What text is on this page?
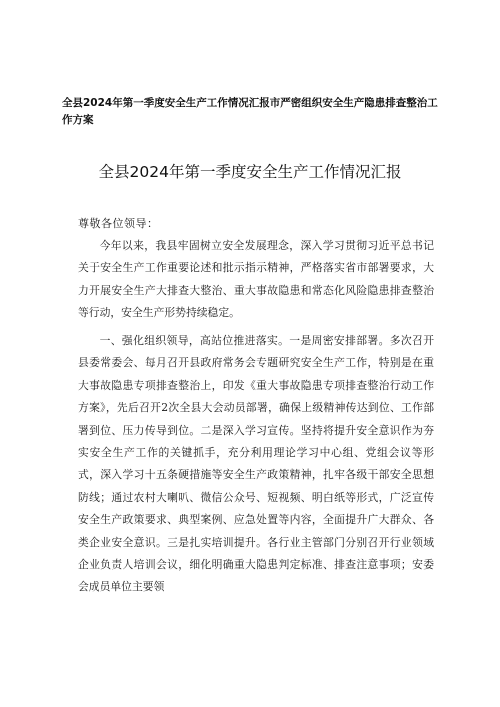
全县2024年第一季度安全生产工作情况汇报市严密组织安全生产隐患排查整治工作方案
全县2024年第一季度安全生产工作情况汇报
尊敬各位领导：

今年以来，我县牢固树立安全发展理念，深入学习贯彻习近平总书记关于安全生产工作重要论述和批示指示精神，严格落实省市部署要求，大力开展安全生产大排查大整治、重大事故隐患和常态化风险隐患排查整治等行动，安全生产形势持续稳定。

一、强化组织领导，高站位推进落实。一是周密安排部署。多次召开县委常委会、每月召开县政府常务会专题研究安全生产工作，特别是在重大事故隐患专项排查整治上，印发《重大事故隐患专项排查整治行动工作方案》，先后召开2次全县大会动员部署，确保上级精神传达到位、工作部署到位、压力传导到位。二是深入学习宣传。坚持将提升安全意识作为夯实安全生产工作的关键抓手，充分利用理论学习中心组、党组会议等形式，深入学习十五条硬措施等安全生产政策精神，扎牢各级干部安全思想防线；通过农村大喇叭、微信公众号、短视频、明白纸等形式，广泛宣传安全生产政策要求、典型案例、应急处置等内容，全面提升广大群众、各类企业安全意识。三是扎实培训提升。各行业主管部门分别召开行业领域企业负责人培训会议，细化明确重大隐患判定标准、排查注意事项；安委会成员单位主要领
